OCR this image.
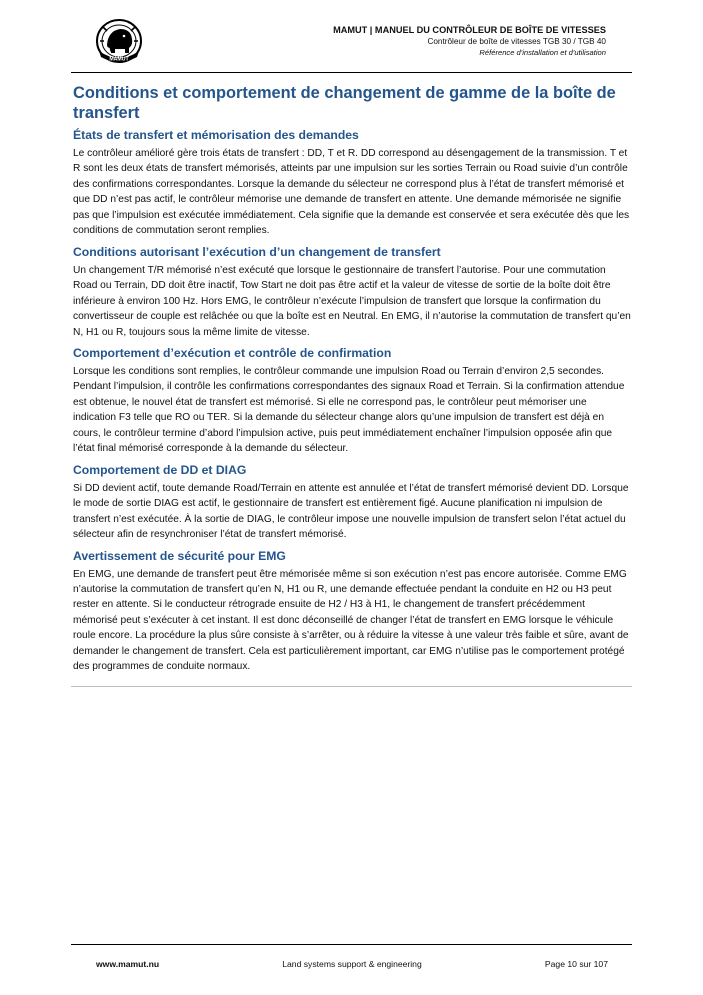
MAMUT
MAMUT | MANUEL DU CONTRÔLEUR DE BOÎTE DE VITESSES
Contrôleur de boîte de vitesses TGB 30 / TGB 40
Référence d'installation et d'utilisation
Conditions et comportement de changement de gamme de la boîte de transfert
États de transfert et mémorisation des demandes

Le contrôleur amélioré gère trois états de transfert : DD, T et R. DD correspond au désengagement de la transmission. T et R sont les deux états de transfert mémorisés, atteints par une impulsion sur les sorties Terrain ou Road suivie d’un contrôle des confirmations correspondantes. Lorsque la demande du sélecteur ne correspond plus à l’état de transfert mémorisé et que DD n’est pas actif, le contrôleur mémorise une demande de transfert en attente. Une demande mémorisée ne signifie pas que l’impulsion est exécutée immédiatement. Cela signifie que la demande est conservée et sera exécutée dès que les conditions de commutation seront remplies.

Conditions autorisant l’exécution d’un changement de transfert

Un changement T/R mémorisé n’est exécuté que lorsque le gestionnaire de transfert l’autorise. Pour une commutation Road ou Terrain, DD doit être inactif, Tow Start ne doit pas être actif et la valeur de vitesse de sortie de la boîte doit être inférieure à environ 100 Hz. Hors EMG, le contrôleur n’exécute l’impulsion de transfert que lorsque la confirmation du convertisseur de couple est relâchée ou que la boîte est en Neutral. En EMG, il n’autorise la commutation de transfert qu’en N, H1 ou R, toujours sous la même limite de vitesse.

Comportement d’exécution et contrôle de confirmation

Lorsque les conditions sont remplies, le contrôleur commande une impulsion Road ou Terrain d’environ 2,5 secondes. Pendant l’impulsion, il contrôle les confirmations correspondantes des signaux Road et Terrain. Si la confirmation attendue est obtenue, le nouvel état de transfert est mémorisé. Si elle ne correspond pas, le contrôleur peut mémoriser une indication F3 telle que RO ou TER. Si la demande du sélecteur change alors qu’une impulsion de transfert est déjà en cours, le contrôleur termine d’abord l’impulsion active, puis peut immédiatement enchaîner l’impulsion opposée afin que l’état final mémorisé corresponde à la demande du sélecteur.

Comportement de DD et DIAG

Si DD devient actif, toute demande Road/Terrain en attente est annulée et l’état de transfert mémorisé devient DD. Lorsque le mode de sortie DIAG est actif, le gestionnaire de transfert est entièrement figé. Aucune planification ni impulsion de transfert n’est exécutée. À la sortie de DIAG, le contrôleur impose une nouvelle impulsion de transfert selon l’état actuel du sélecteur afin de resynchroniser l’état de transfert mémorisé.

Avertissement de sécurité pour EMG

En EMG, une demande de transfert peut être mémorisée même si son exécution n’est pas encore autorisée. Comme EMG n’autorise la commutation de transfert qu’en N, H1 ou R, une demande effectuée pendant la conduite en H2 ou H3 peut rester en attente. Si le conducteur rétrograde ensuite de H2 / H3 à H1, le changement de transfert précédemment mémorisé peut s’exécuter à cet instant. Il est donc déconseillé de changer l’état de transfert en EMG lorsque le véhicule roule encore. La procédure la plus sûre consiste à s’arrêter, ou à réduire la vitesse à une valeur très faible et sûre, avant de demander le changement de transfert. Cela est particulièrement important, car EMG n’utilise pas le comportement protégé des programmes de conduite normaux.

www.mamut.nu	Land systems support & engineering	Page 10 sur 107
